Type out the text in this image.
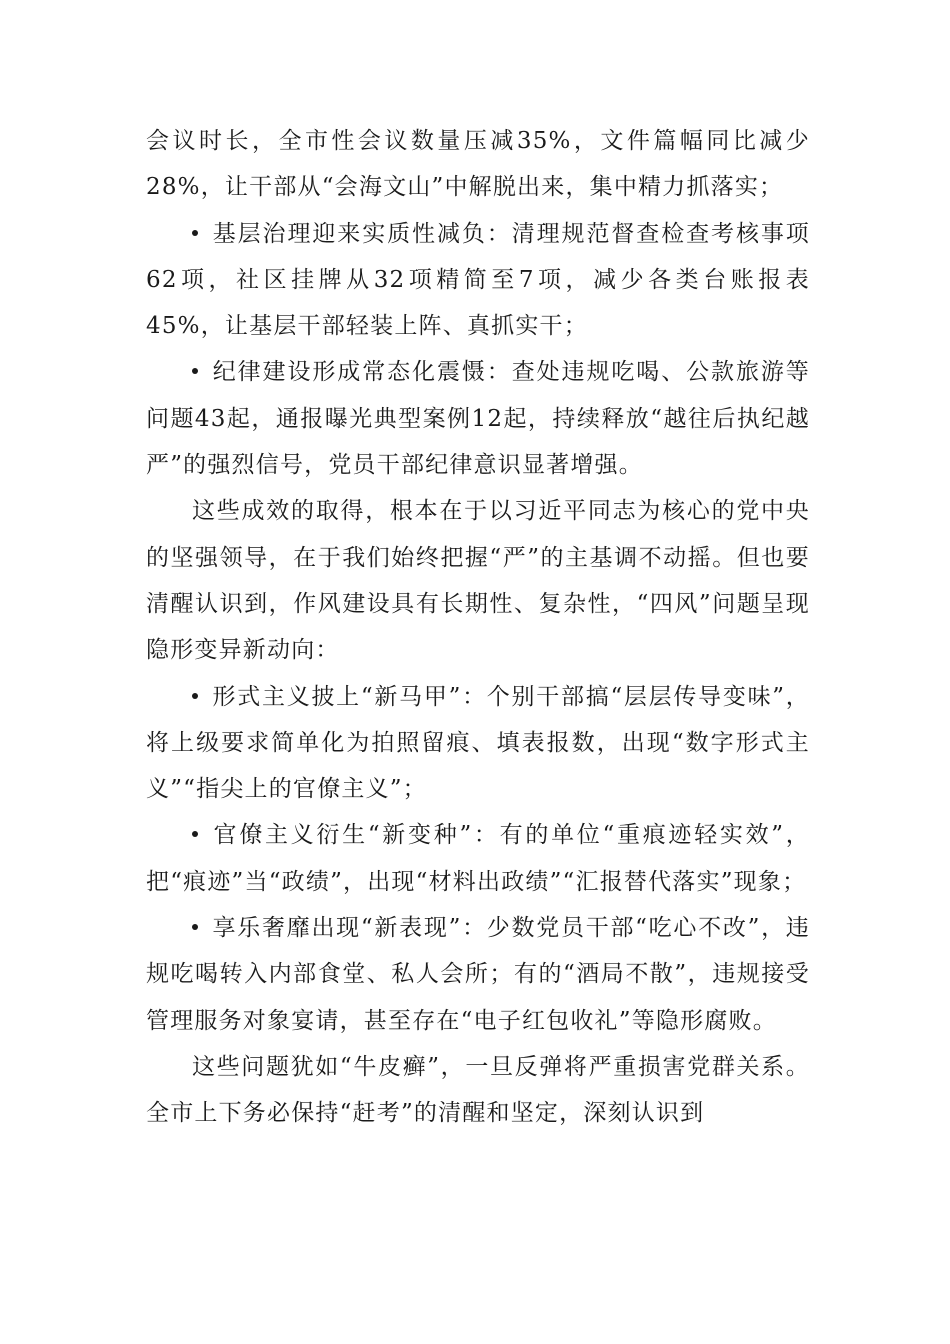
会议时长，全市性会议数量压减35%，文件篇幅同比减少28%，让干部从“会海文山”中解脱出来，集中精力抓落实；

基层治理迎来实质性减负：清理规范督查检查考核事项62项，社区挂牌从32项精简至7项，减少各类台账报表45%，让基层干部轻装上阵、真抓实干；

纪律建设形成常态化震慑：查处违规吃喝、公款旅游等问题43起，通报曝光典型案例12起，持续释放“越往后执纪越严”的强烈信号，党员干部纪律意识显著增强。

这些成效的取得，根本在于以习近平同志为核心的党中央的坚强领导，在于我们始终把握“严”的主基调不动摇。但也要清醒认识到，作风建设具有长期性、复杂性，“四风”问题呈现隐形变异新动向：

形式主义披上“新马甲”：个别干部搞“层层传导变味”，将上级要求简单化为拍照留痕、填表报数，出现“数字形式主义”“指尖上的官僚主义”；

官僚主义衍生“新变种”：有的单位“重痕迹轻实效”，把“痕迹”当“政绩”，出现“材料出政绩”“汇报替代落实”现象；

享乐奢靡出现“新表现”：少数党员干部“吃心不改”，违规吃喝转入内部食堂、私人会所；有的“酒局不散”，违规接受管理服务对象宴请，甚至存在“电子红包收礼”等隐形腐败。

这些问题犹如“牛皮癣”，一旦反弹将严重损害党群关系。全市上下务必保持“赶考”的清醒和坚定，深刻认识到
